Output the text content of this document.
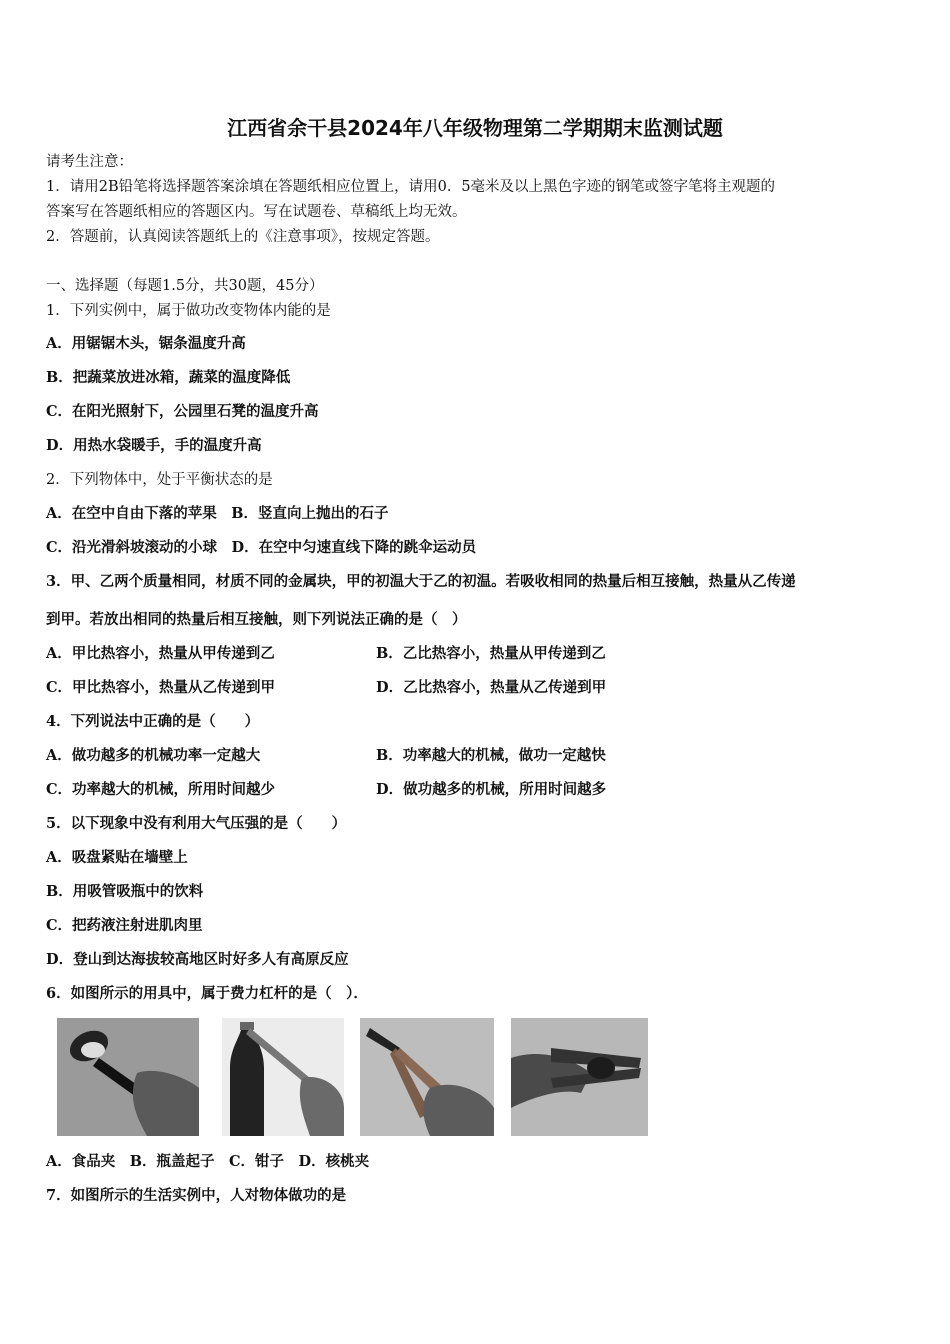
江西省余干县2024年八年级物理第二学期期末监测试题
请考生注意：
1．请用2B铅笔将选择题答案涂填在答题纸相应位置上，请用0．5毫米及以上黑色字迹的钢笔或签字笔将主观题的
答案写在答题纸相应的答题区内。写在试题卷、草稿纸上均无效。
2．答题前，认真阅读答题纸上的《注意事项》，按规定答题。
一、选择题（每题1.5分，共30题，45分）
1．下列实例中，属于做功改变物体内能的是
A．用锯锯木头，锯条温度升高
B．把蔬菜放进冰箱，蔬菜的温度降低
C．在阳光照射下，公园里石凳的温度升高
D．用热水袋暖手，手的温度升高
2．下列物体中，处于平衡状态的是
A．在空中自由下落的苹果　B．竖直向上抛出的石子
C．沿光滑斜坡滚动的小球　D．在空中匀速直线下降的跳伞运动员
3．甲、乙两个质量相同，材质不同的金属块，甲的初温大于乙的初温。若吸收相同的热量后相互接触，热量从乙传递
到甲。若放出相同的热量后相互接触，则下列说法正确的是（　）
A．甲比热容小，热量从甲传递到乙	B．乙比热容小，热量从甲传递到乙
C．甲比热容小，热量从乙传递到甲	D．乙比热容小，热量从乙传递到甲
4．下列说法中正确的是（　　）
A．做功越多的机械功率一定越大	B．功率越大的机械，做功一定越快
C．功率越大的机械，所用时间越少	D．做功越多的机械，所用时间越多
5．以下现象中没有利用大气压强的是（　　）
A．吸盘紧贴在墙壁上
B．用吸管吸瓶中的饮料
C．把药液注射进肌肉里
D．登山到达海拔较高地区时好多人有高原反应
6．如图所示的用具中，属于费力杠杆的是（　）．
A．食品夹　B．瓶盖起子　C．钳子　D．核桃夹
7．如图所示的生活实例中，人对物体做功的是
